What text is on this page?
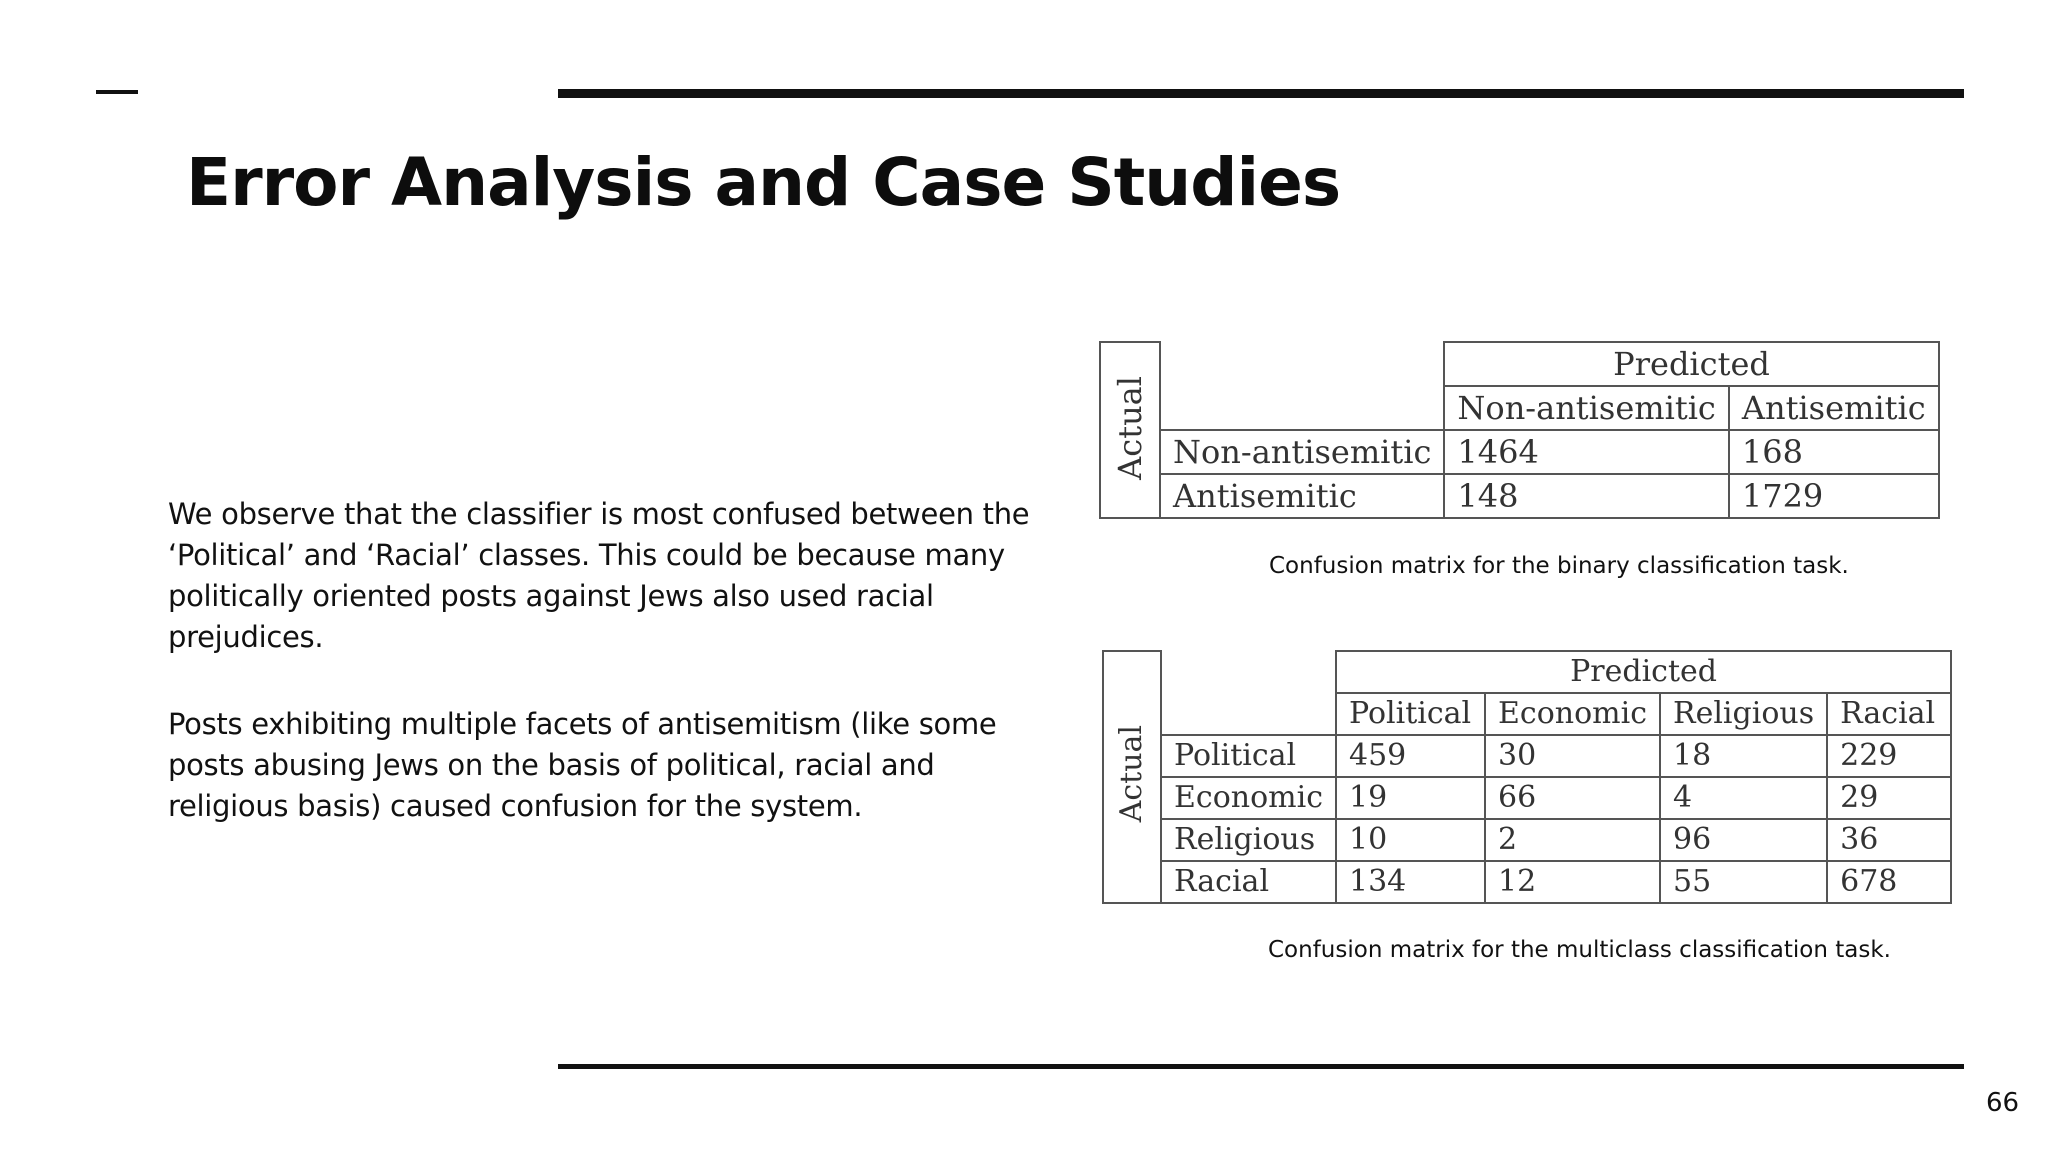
Error Analysis and Case Studies

We observe that the classifier is most confused between the ‘Political’ and ‘Racial’ classes. This could be because many politically oriented posts against Jews also used racial prejudices.

Posts exhibiting multiple facets of antisemitism (like some posts abusing Jews on the basis of political, racial and religious basis) caused confusion for the system.

Actual		Predicted	
		Non-antisemitic	Antisemitic
	Non-antisemitic	1464	168
	Antisemitic	148	1729
Confusion matrix for the binary classification task.
Actual		Predicted			
		Political	Economic	Religious	Racial
	Political	459	30	18	229
	Economic	19	66	4	29
	Religious	10	2	96	36
	Racial	134	12	55	678
Confusion matrix for the multiclass classification task.
66
